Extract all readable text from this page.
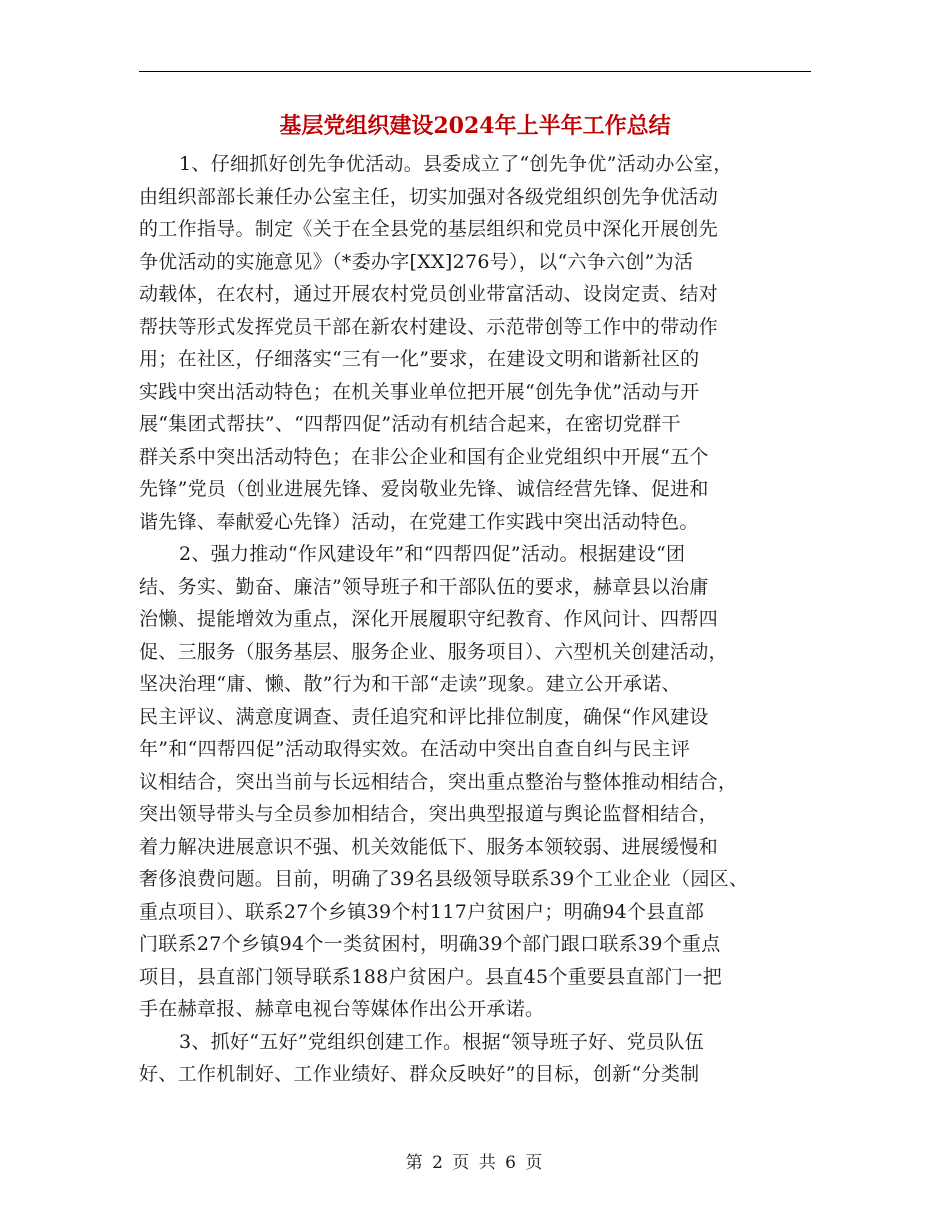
基层党组织建设2024年上半年工作总结
1、仔细抓好创先争优活动。县委成立了“创先争优”活动办公室，
由组织部部长兼任办公室主任，切实加强对各级党组织创先争优活动
的工作指导。制定《关于在全县党的基层组织和党员中深化开展创先
争优活动的实施意见》（*委办字[XX]276号），以“六争六创”为活
动载体，在农村，通过开展农村党员创业带富活动、设岗定责、结对
帮扶等形式发挥党员干部在新农村建设、示范带创等工作中的带动作
用；在社区，仔细落实“三有一化”要求，在建设文明和谐新社区的
实践中突出活动特色；在机关事业单位把开展“创先争优”活动与开
展“集团式帮扶”、“四帮四促”活动有机结合起来，在密切党群干
群关系中突出活动特色；在非公企业和国有企业党组织中开展“五个
先锋”党员（创业进展先锋、爱岗敬业先锋、诚信经营先锋、促进和
谐先锋、奉献爱心先锋）活动，在党建工作实践中突出活动特色。
2、强力推动“作风建设年”和“四帮四促”活动。根据建设“团
结、务实、勤奋、廉洁”领导班子和干部队伍的要求，赫章县以治庸
治懒、提能增效为重点，深化开展履职守纪教育、作风问计、四帮四
促、三服务（服务基层、服务企业、服务项目）、六型机关创建活动，
坚决治理“庸、懒、散”行为和干部“走读”现象。建立公开承诺、
民主评议、满意度调查、责任追究和评比排位制度，确保“作风建设
年”和“四帮四促”活动取得实效。在活动中突出自查自纠与民主评
议相结合，突出当前与长远相结合，突出重点整治与整体推动相结合，
突出领导带头与全员参加相结合，突出典型报道与舆论监督相结合，
着力解决进展意识不强、机关效能低下、服务本领较弱、进展缓慢和
奢侈浪费问题。目前，明确了39名县级领导联系39个工业企业（园区、
重点项目）、联系27个乡镇39个村117户贫困户；明确94个县直部
门联系27个乡镇94个一类贫困村，明确39个部门跟口联系39个重点
项目，县直部门领导联系188户贫困户。县直45个重要县直部门一把
手在赫章报、赫章电视台等媒体作出公开承诺。
3、抓好“五好”党组织创建工作。根据“领导班子好、党员队伍
好、工作机制好、工作业绩好、群众反映好”的目标，创新“分类制
第 2 页 共 6 页
